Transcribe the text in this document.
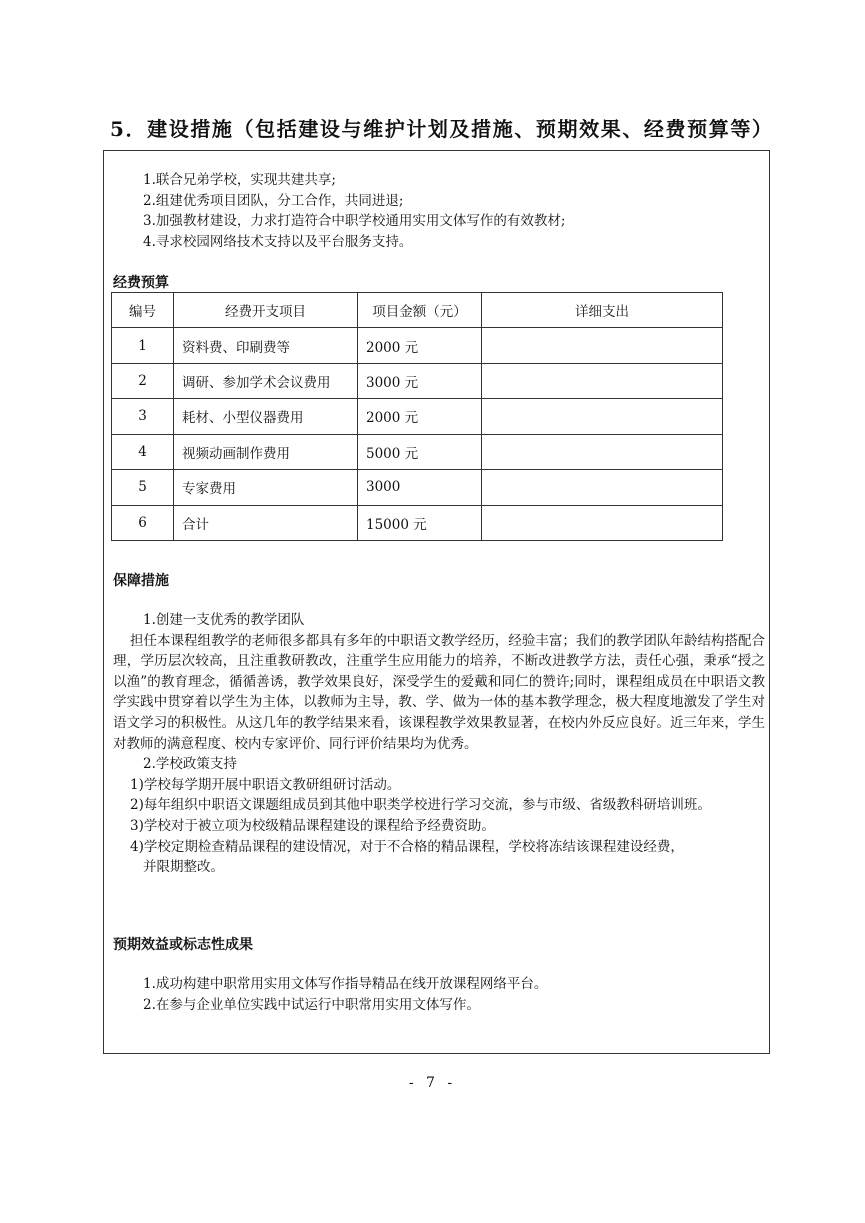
5．建设措施（包括建设与维护计划及措施、预期效果、经费预算等）
1.联合兄弟学校，实现共建共享;
2.组建优秀项目团队，分工合作，共同进退;
3.加强教材建设，力求打造符合中职学校通用实用文体写作的有效教材;
4.寻求校园网络技术支持以及平台服务支持。
经费预算
编号	经费开支项目	项目金额（元）	详细支出
1	资料费、印刷费等	2000 元	
2	调研、参加学术会议费用	3000 元	
3	耗材、小型仪器费用	2000 元	
4	视频动画制作费用	5000 元	
5	专家费用	3000	
6	合计	15000 元	
保障措施

1.创建一支优秀的教学团队

担任本课程组教学的老师很多都具有多年的中职语文教学经历，经验丰富；我们的教学团队年龄结构搭配合理，学历层次较高，且注重教研教改，注重学生应用能力的培养，不断改进教学方法，责任心强，秉承“授之以渔”的教育理念，循循善诱，教学效果良好，深受学生的爱戴和同仁的赞许;同时，课程组成员在中职语文教学实践中贯穿着以学生为主体，以教师为主导，教、学、做为一体的基本教学理念，极大程度地激发了学生对语文学习的积极性。从这几年的教学结果来看，该课程教学效果教显著，在校内外反应良好。近三年来，学生对教师的满意程度、校内专家评价、同行评价结果均为优秀。

2.学校政策支持

1)学校每学期开展中职语文教研组研讨活动。

2)每年组织中职语文课题组成员到其他中职类学校进行学习交流，参与市级、省级教科研培训班。

3)学校对于被立项为校级精品课程建设的课程给予经费资助。

4)学校定期检查精品课程的建设情况，对于不合格的精品课程，学校将冻结该课程建设经费，

并限期整改。

预期效益或标志性成果
1.成功构建中职常用实用文体写作指导精品在线开放课程网络平台。
2.在参与企业单位实践中试运行中职常用实用文体写作。
- 7 -
